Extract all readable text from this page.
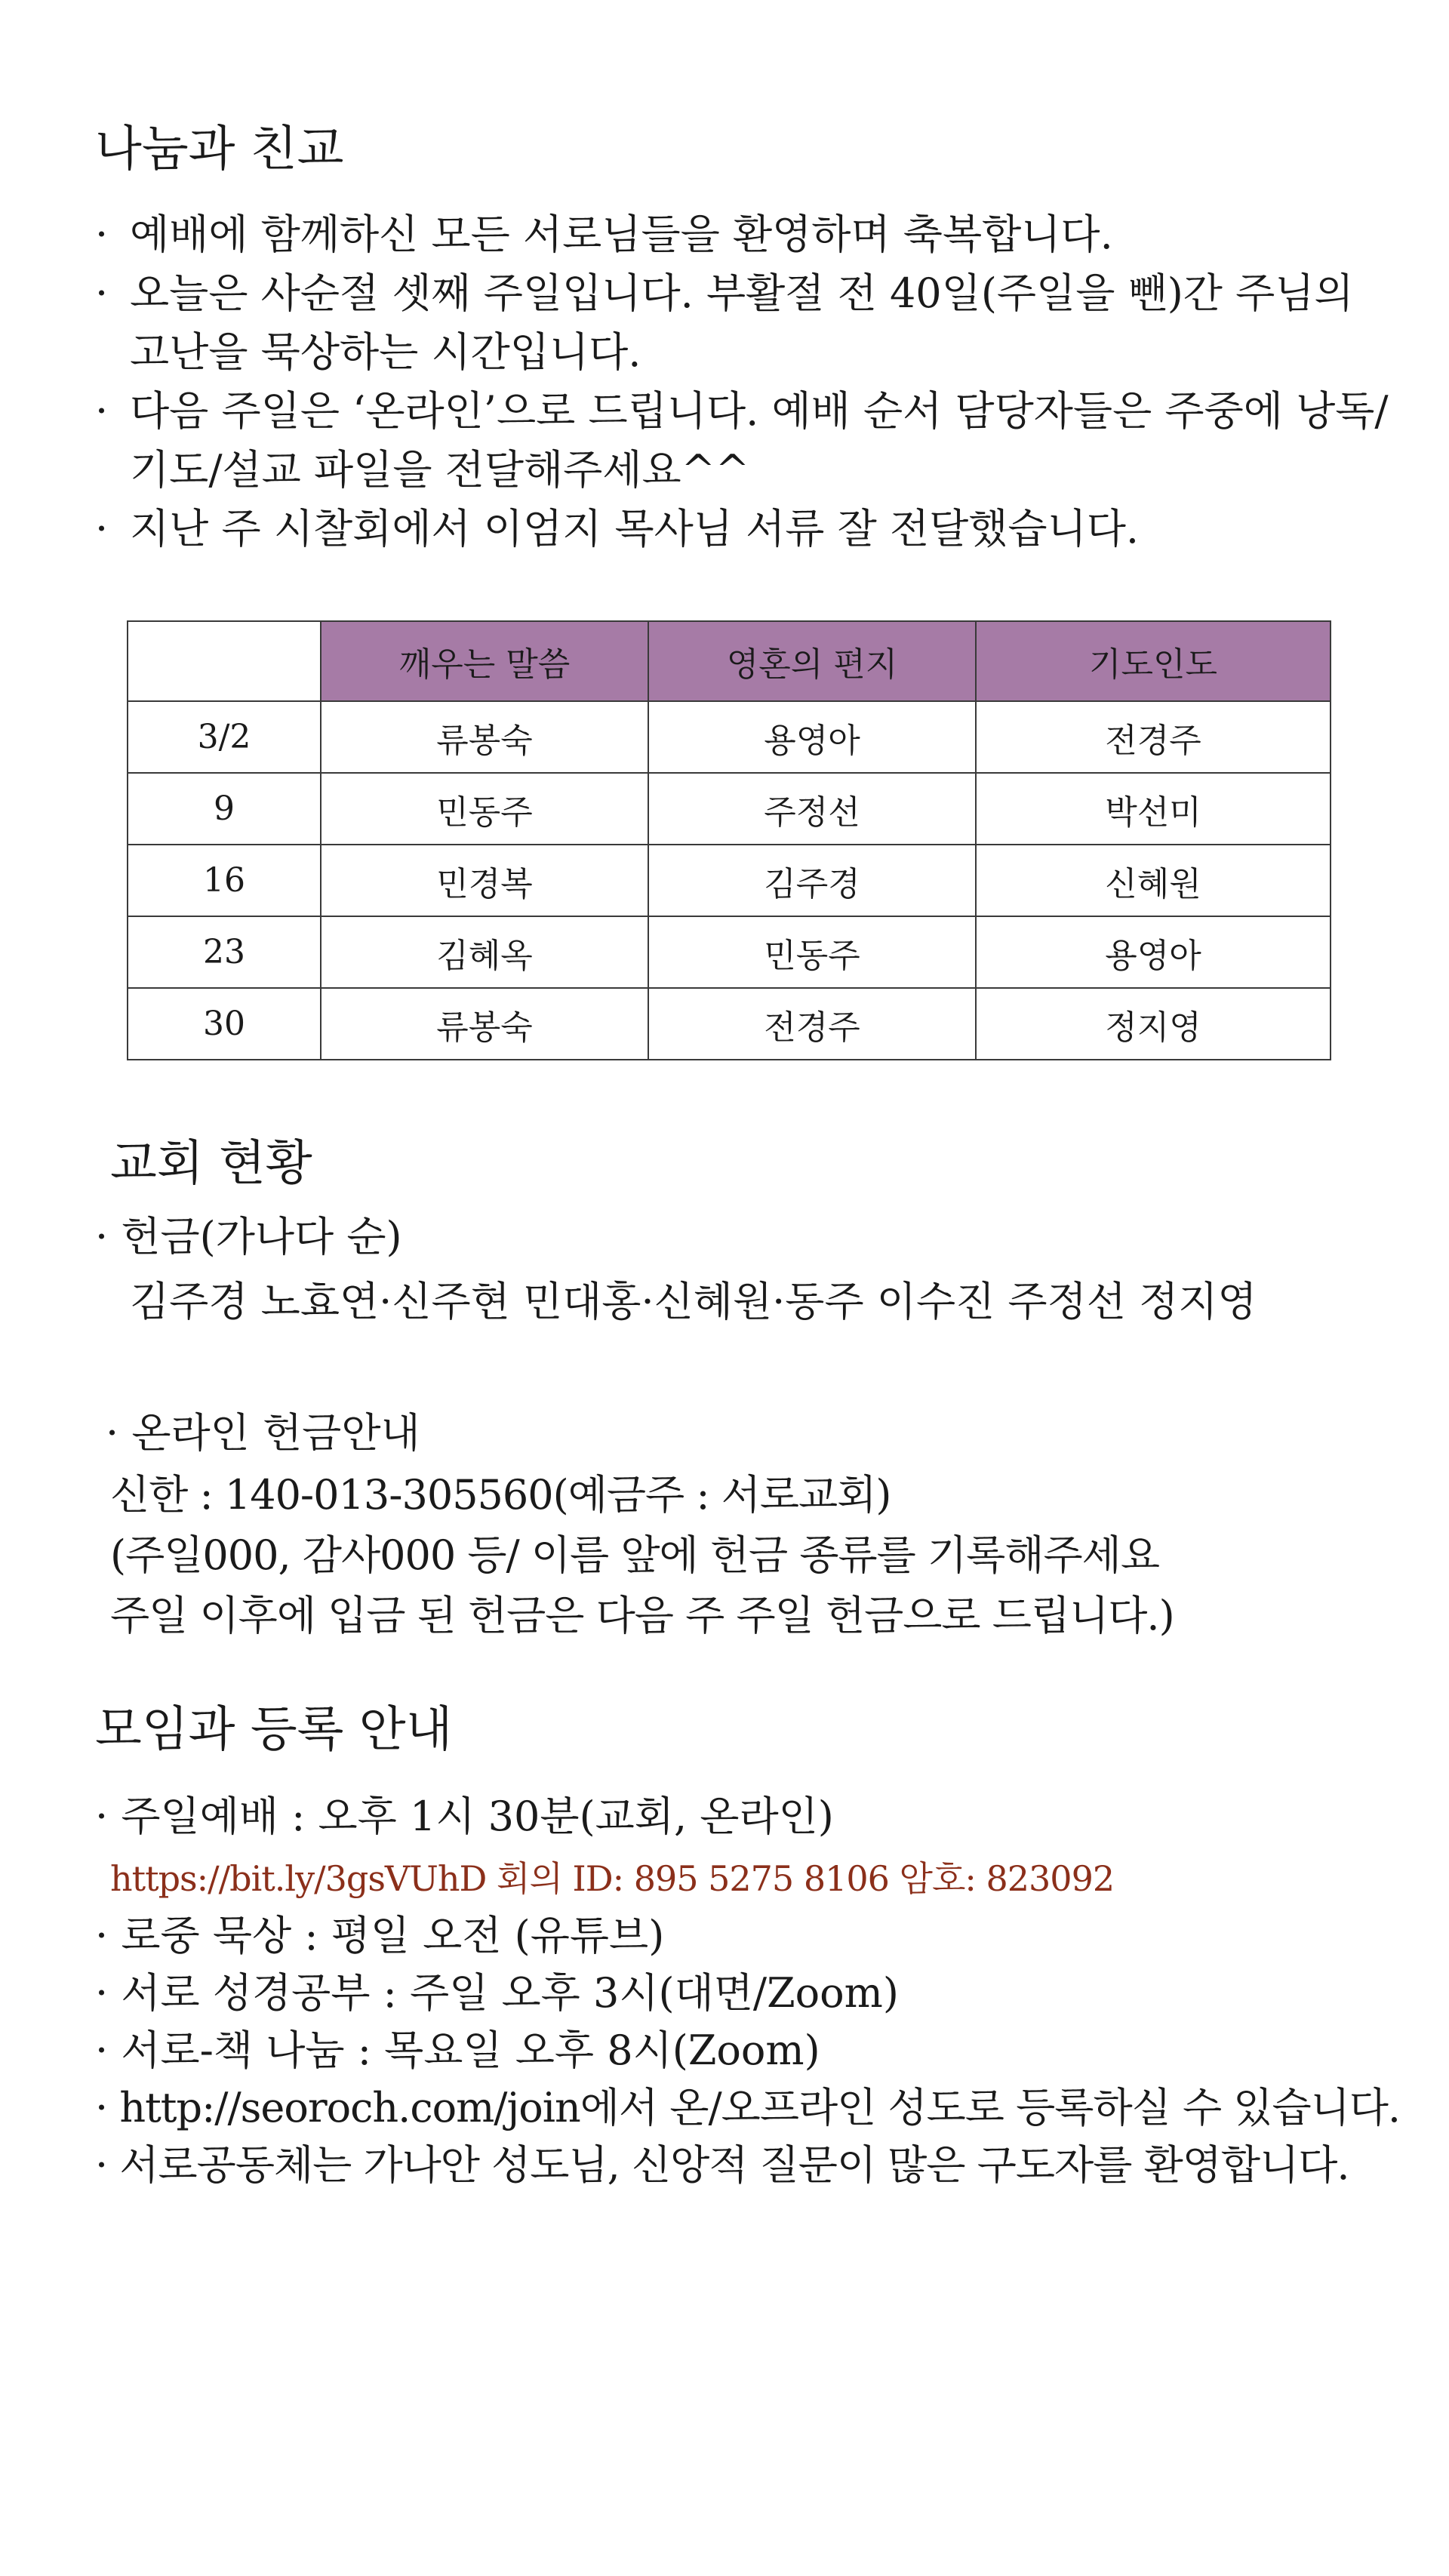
나눔과 친교
· 예배에 함께하신 모든 서로님들을 환영하며 축복합니다.
· 오늘은 사순절 셋째 주일입니다. 부활절 전 40일(주일을 뺀)간 주님의 고난을 묵상하는 시간입니다.
· 다음 주일은 ‘온라인’으로 드립니다. 예배 순서 담당자들은 주중에 낭독/기도/설교 파일을 전달해주세요^^
· 지난 주 시찰회에서 이엄지 목사님 서류 잘 전달했습니다.
	깨우는 말씀	영혼의 편지	기도인도
3/2	류봉숙	용영아	전경주
9	민동주	주정선	박선미
16	민경복	김주경	신혜원
23	김혜옥	민동주	용영아
30	류봉숙	전경주	정지영
교회 현황
· 헌금(가나다 순)
김주경 노효연·신주현 민대홍·신혜원·동주 이수진 주정선 정지영
· 온라인 헌금안내
신한 : 140-013-305560(예금주 : 서로교회)
(주일000, 감사000 등/ 이름 앞에 헌금 종류를 기록해주세요
주일 이후에 입금 된 헌금은 다음 주 주일 헌금으로 드립니다.)
모임과 등록 안내
· 주일예배 : 오후 1시 30분(교회, 온라인)
https://bit.ly/3gsVUhD 회의 ID: 895 5275 8106 암호: 823092
· 로중 묵상 : 평일 오전 (유튜브)
· 서로 성경공부 : 주일 오후 3시(대면/Zoom)
· 서로-책 나눔 : 목요일 오후 8시(Zoom)
· http://seoroch.com/join에서 온/오프라인 성도로 등록하실 수 있습니다.
· 서로공동체는 가나안 성도님, 신앙적 질문이 많은 구도자를 환영합니다.
